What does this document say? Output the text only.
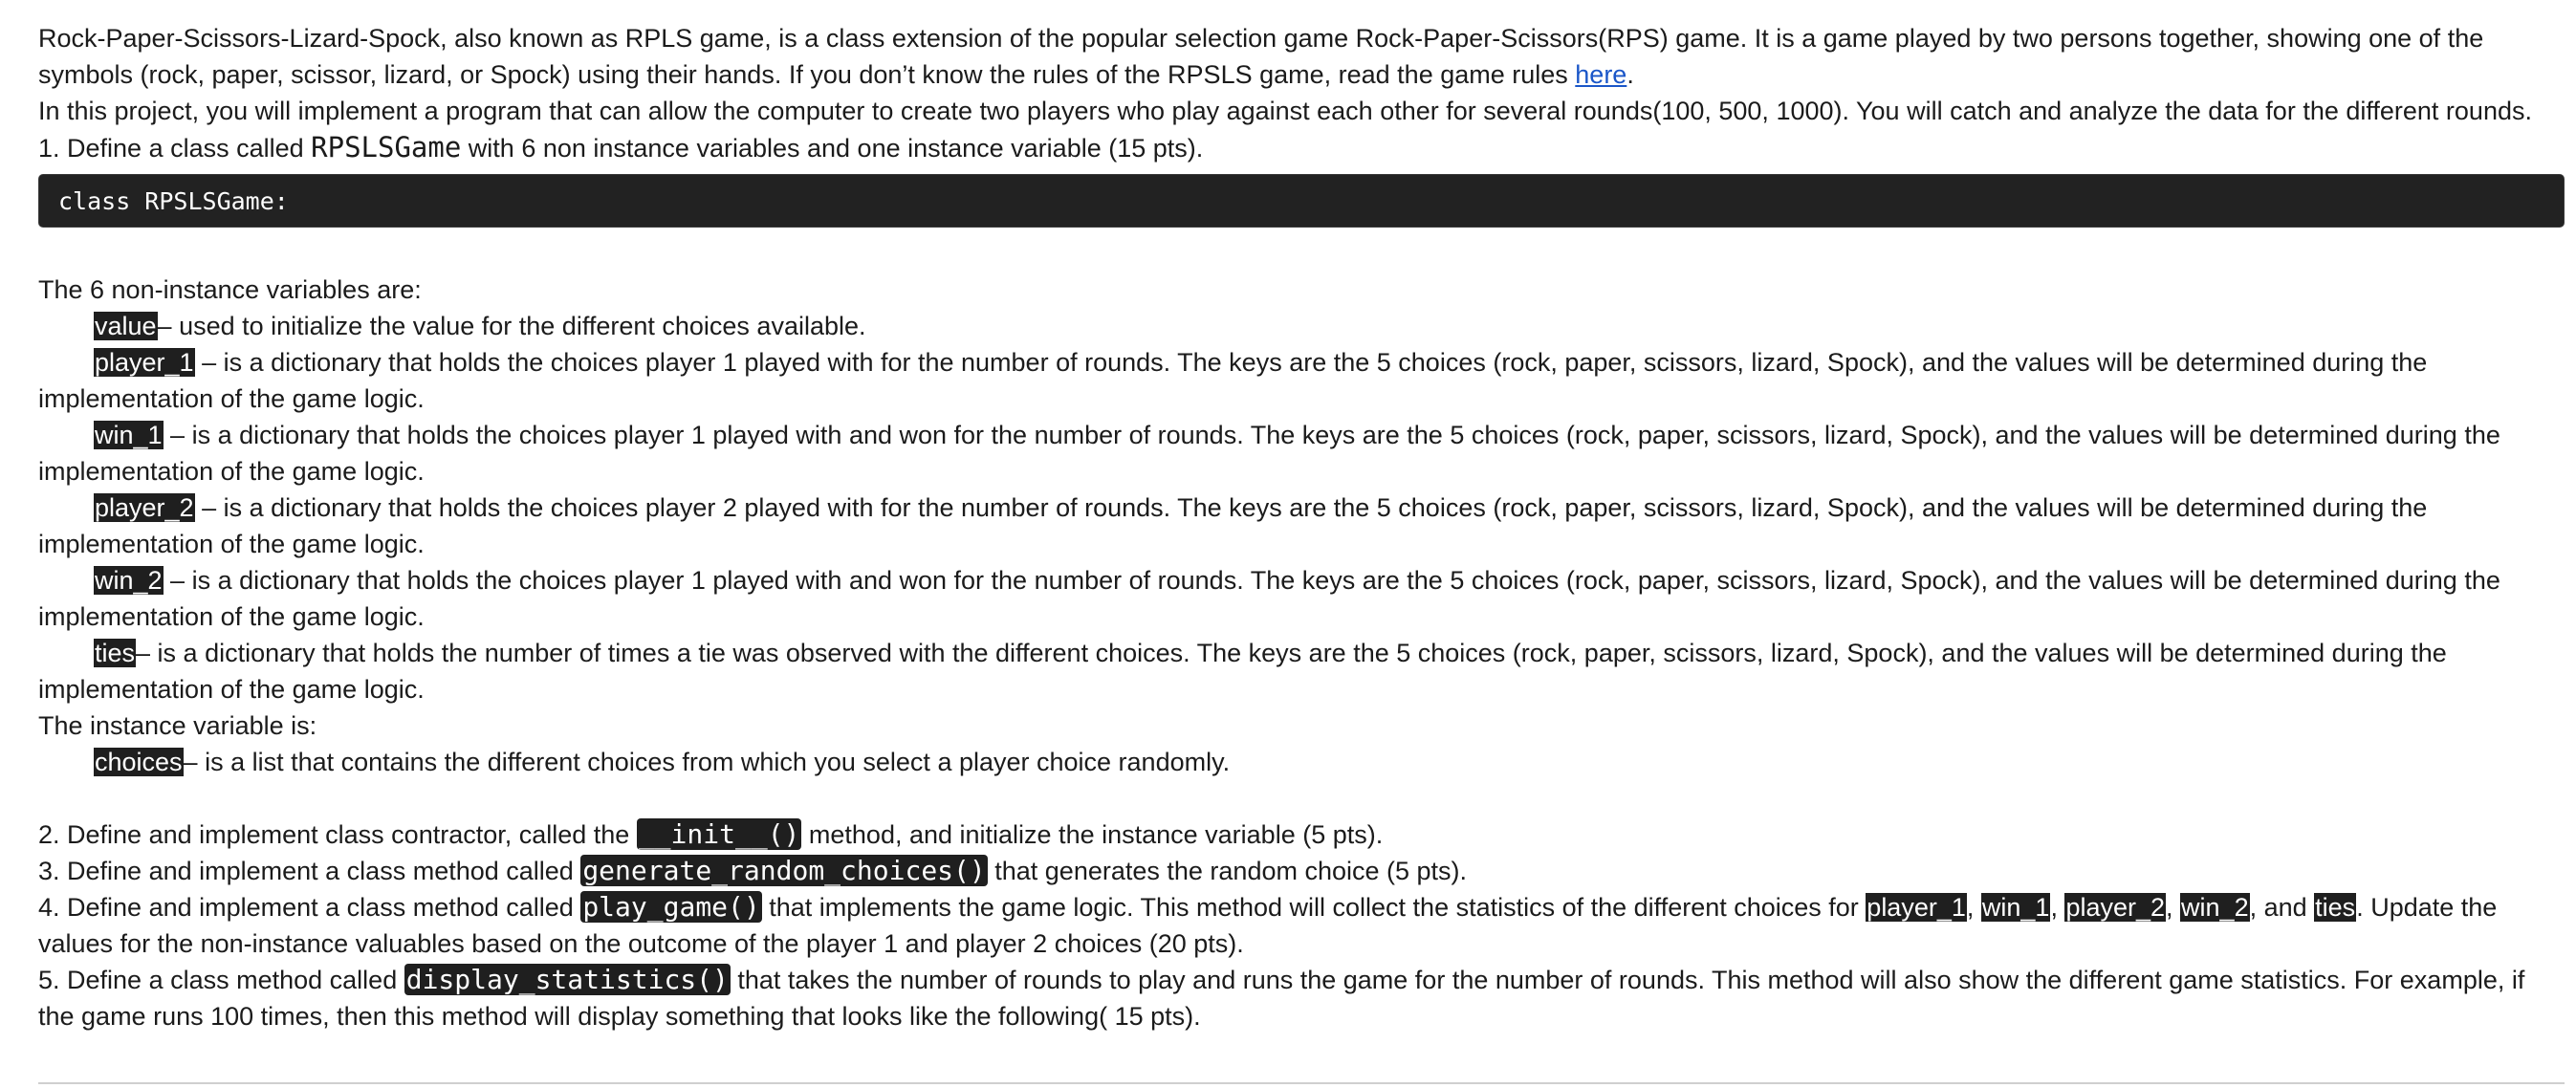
Rock-Paper-Scissors-Lizard-Spock, also known as RPLS game, is a class extension of the popular selection game Rock-Paper-Scissors(RPS) game. It is a game played by two persons together, showing one of the symbols (rock, paper, scissor, lizard, or Spock) using their hands. If you don’t know the rules of the RPSLS game, read the game rules here.

In this project, you will implement a program that can allow the computer to create two players who play against each other for several rounds(100, 500, 1000). You will catch and analyze the data for the different rounds.

1. Define a class called RPSLSGame with 6 non instance variables and one instance variable (15 pts).

class RPSLSGame:

The 6 non-instance variables are:

value– used to initialize the value for the different choices available.

player_1 – is a dictionary that holds the choices player 1 played with for the number of rounds. The keys are the 5 choices (rock, paper, scissors, lizard, Spock), and the values will be determined during the implementation of the game logic.

win_1 – is a dictionary that holds the choices player 1 played with and won for the number of rounds. The keys are the 5 choices (rock, paper, scissors, lizard, Spock), and the values will be determined during the implementation of the game logic.

player_2 – is a dictionary that holds the choices player 2 played with for the number of rounds. The keys are the 5 choices (rock, paper, scissors, lizard, Spock), and the values will be determined during the implementation of the game logic.

win_2 – is a dictionary that holds the choices player 1 played with and won for the number of rounds. The keys are the 5 choices (rock, paper, scissors, lizard, Spock), and the values will be determined during the implementation of the game logic.

ties– is a dictionary that holds the number of times a tie was observed with the different choices. The keys are the 5 choices (rock, paper, scissors, lizard, Spock), and the values will be determined during the implementation of the game logic.

The instance variable is:

choices– is a list that contains the different choices from which you select a player choice randomly.

2. Define and implement class contractor, called the __init__() method, and initialize the instance variable (5 pts).

3. Define and implement a class method called generate_random_choices() that generates the random choice (5 pts).

4. Define and implement a class method called play_game() that implements the game logic. This method will collect the statistics of the different choices for player_1, win_1, player_2, win_2, and ties. Update the values for the non-instance valuables based on the outcome of the player 1 and player 2 choices (20 pts).

5. Define a class method called display_statistics() that takes the number of rounds to play and runs the game for the number of rounds. This method will also show the different game statistics. For example, if the game runs 100 times, then this method will display something that looks like the following( 15 pts).
